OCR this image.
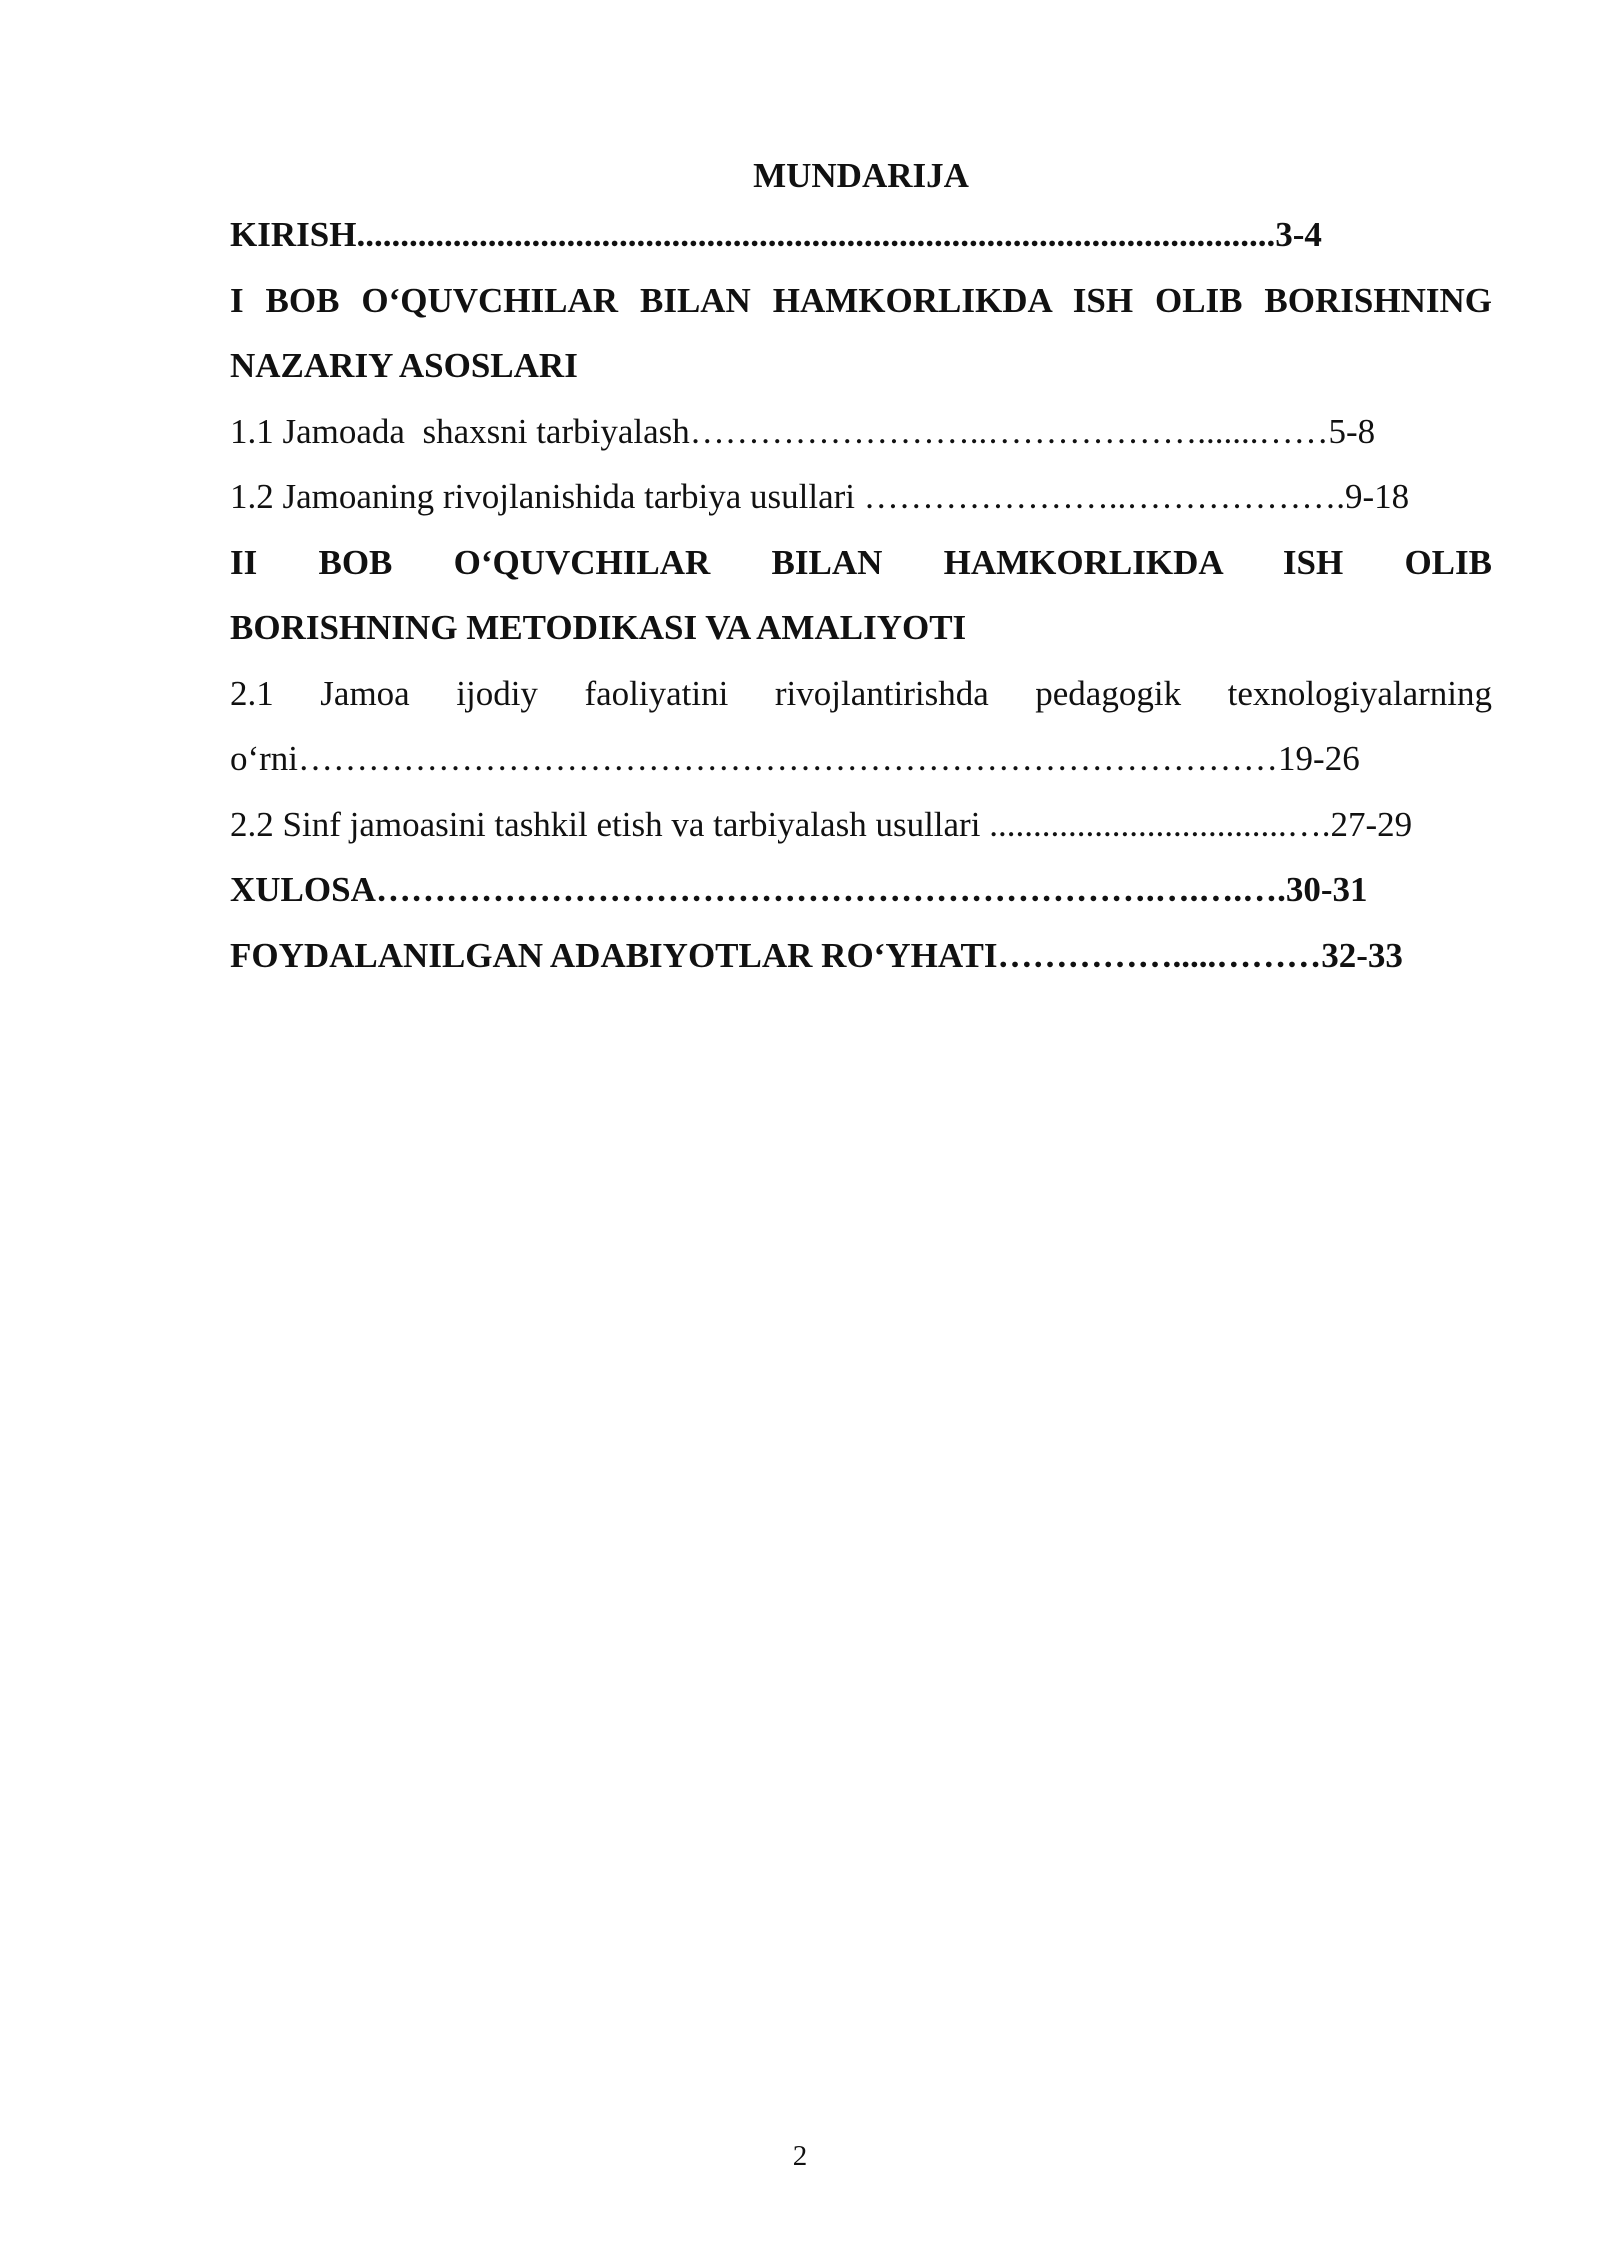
MUNDARIJA
KIRISH ......................................................................................................... 3-4
I BOB O‘QUVCHILAR BILAN HAMKORLIKDA ISH OLIB BORISHNING
NAZARIY ASOSLARI
1.1 Jamoada  shaxsni tarbiyalash ……………………..……………….......…… 5-8
1.2 Jamoaning rivojlanishida tarbiya usullari …………………..………………. 9-18
II BOB O‘QUVCHILAR BILAN HAMKORLIKDA ISH OLIB
BORISHNING METODIKASI VA AMALIYOTI
2.1 Jamoa ijodiy faoliyatini rivojlantirishda pedagogik texnologiyalarning
o‘rni ………………………………………………………………………… 19-26
2.2 Sinf jamoasini tashkil etish va tarbiyalash usullari ..................................…. 27-29
XULOSA ………………………………………………………….….….…. 30-31
FOYDALANILGAN ADABIYOTLAR RO‘YHATI …………….....……… 32-33
2
